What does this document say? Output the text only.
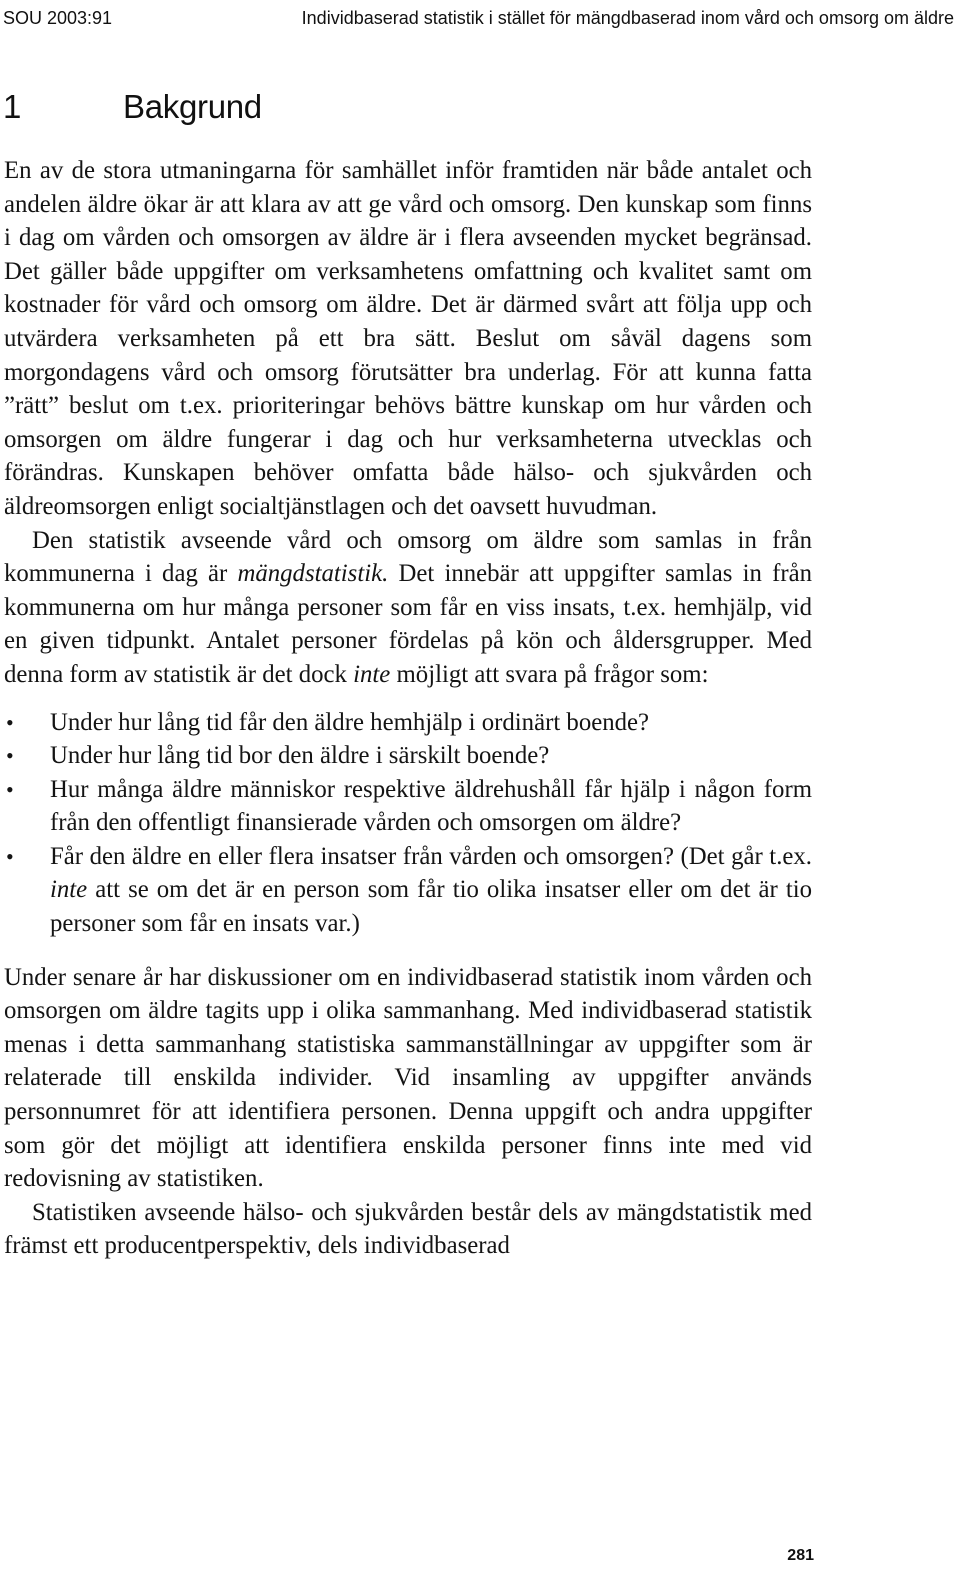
SOU 2003:91	Individbaserad statistik i stället för mängdbaserad inom vård och omsorg om äldre
1	Bakgrund

En av de stora utmaningarna för samhället inför framtiden när både antalet och andelen äldre ökar är att klara av att ge vård och omsorg. Den kunskap som finns i dag om vården och omsorgen av äldre är i flera avseenden mycket begränsad. Det gäller både uppgifter om verksamhetens omfattning och kvalitet samt om kostnader för vård och omsorg om äldre. Det är därmed svårt att följa upp och utvärdera verksamheten på ett bra sätt. Beslut om såväl dagens som morgondagens vård och omsorg förutsätter bra underlag. För att kunna fatta ”rätt” beslut om t.ex. prioriteringar behövs bättre kunskap om hur vården och omsorgen om äldre fungerar i dag och hur verksamheterna utvecklas och förändras. Kunskapen behöver omfatta både hälso- och sjukvården och äldreomsorgen enligt socialtjänstlagen och det oavsett huvudman.

Den statistik avseende vård och omsorg om äldre som samlas in från kommunerna i dag är mängdstatistik. Det innebär att uppgifter samlas in från kommunerna om hur många personer som får en viss insats, t.ex. hemhjälp, vid en given tidpunkt. Antalet personer fördelas på kön och åldersgrupper. Med denna form av statistik är det dock inte möjligt att svara på frågor som:

• Under hur lång tid får den äldre hemhjälp i ordinärt boende?
• Under hur lång tid bor den äldre i särskilt boende?
• Hur många äldre människor respektive äldrehushåll får hjälp i någon form från den offentligt finansierade vården och omsorgen om äldre?
• Får den äldre en eller flera insatser från vården och omsorgen? (Det går t.ex. inte att se om det är en person som får tio olika insatser eller om det är tio personer som får en insats var.)

Under senare år har diskussioner om en individbaserad statistik inom vården och omsorgen om äldre tagits upp i olika sammanhang. Med individbaserad statistik menas i detta sammanhang statistiska sammanställningar av uppgifter som är relaterade till enskilda individer. Vid insamling av uppgifter används personnumret för att identifiera personen. Denna uppgift och andra uppgifter som gör det möjligt att identifiera enskilda personer finns inte med vid redovisning av statistiken.

Statistiken avseende hälso- och sjukvården består dels av mängdstatistik med främst ett producentperspektiv, dels individbaserad

281
